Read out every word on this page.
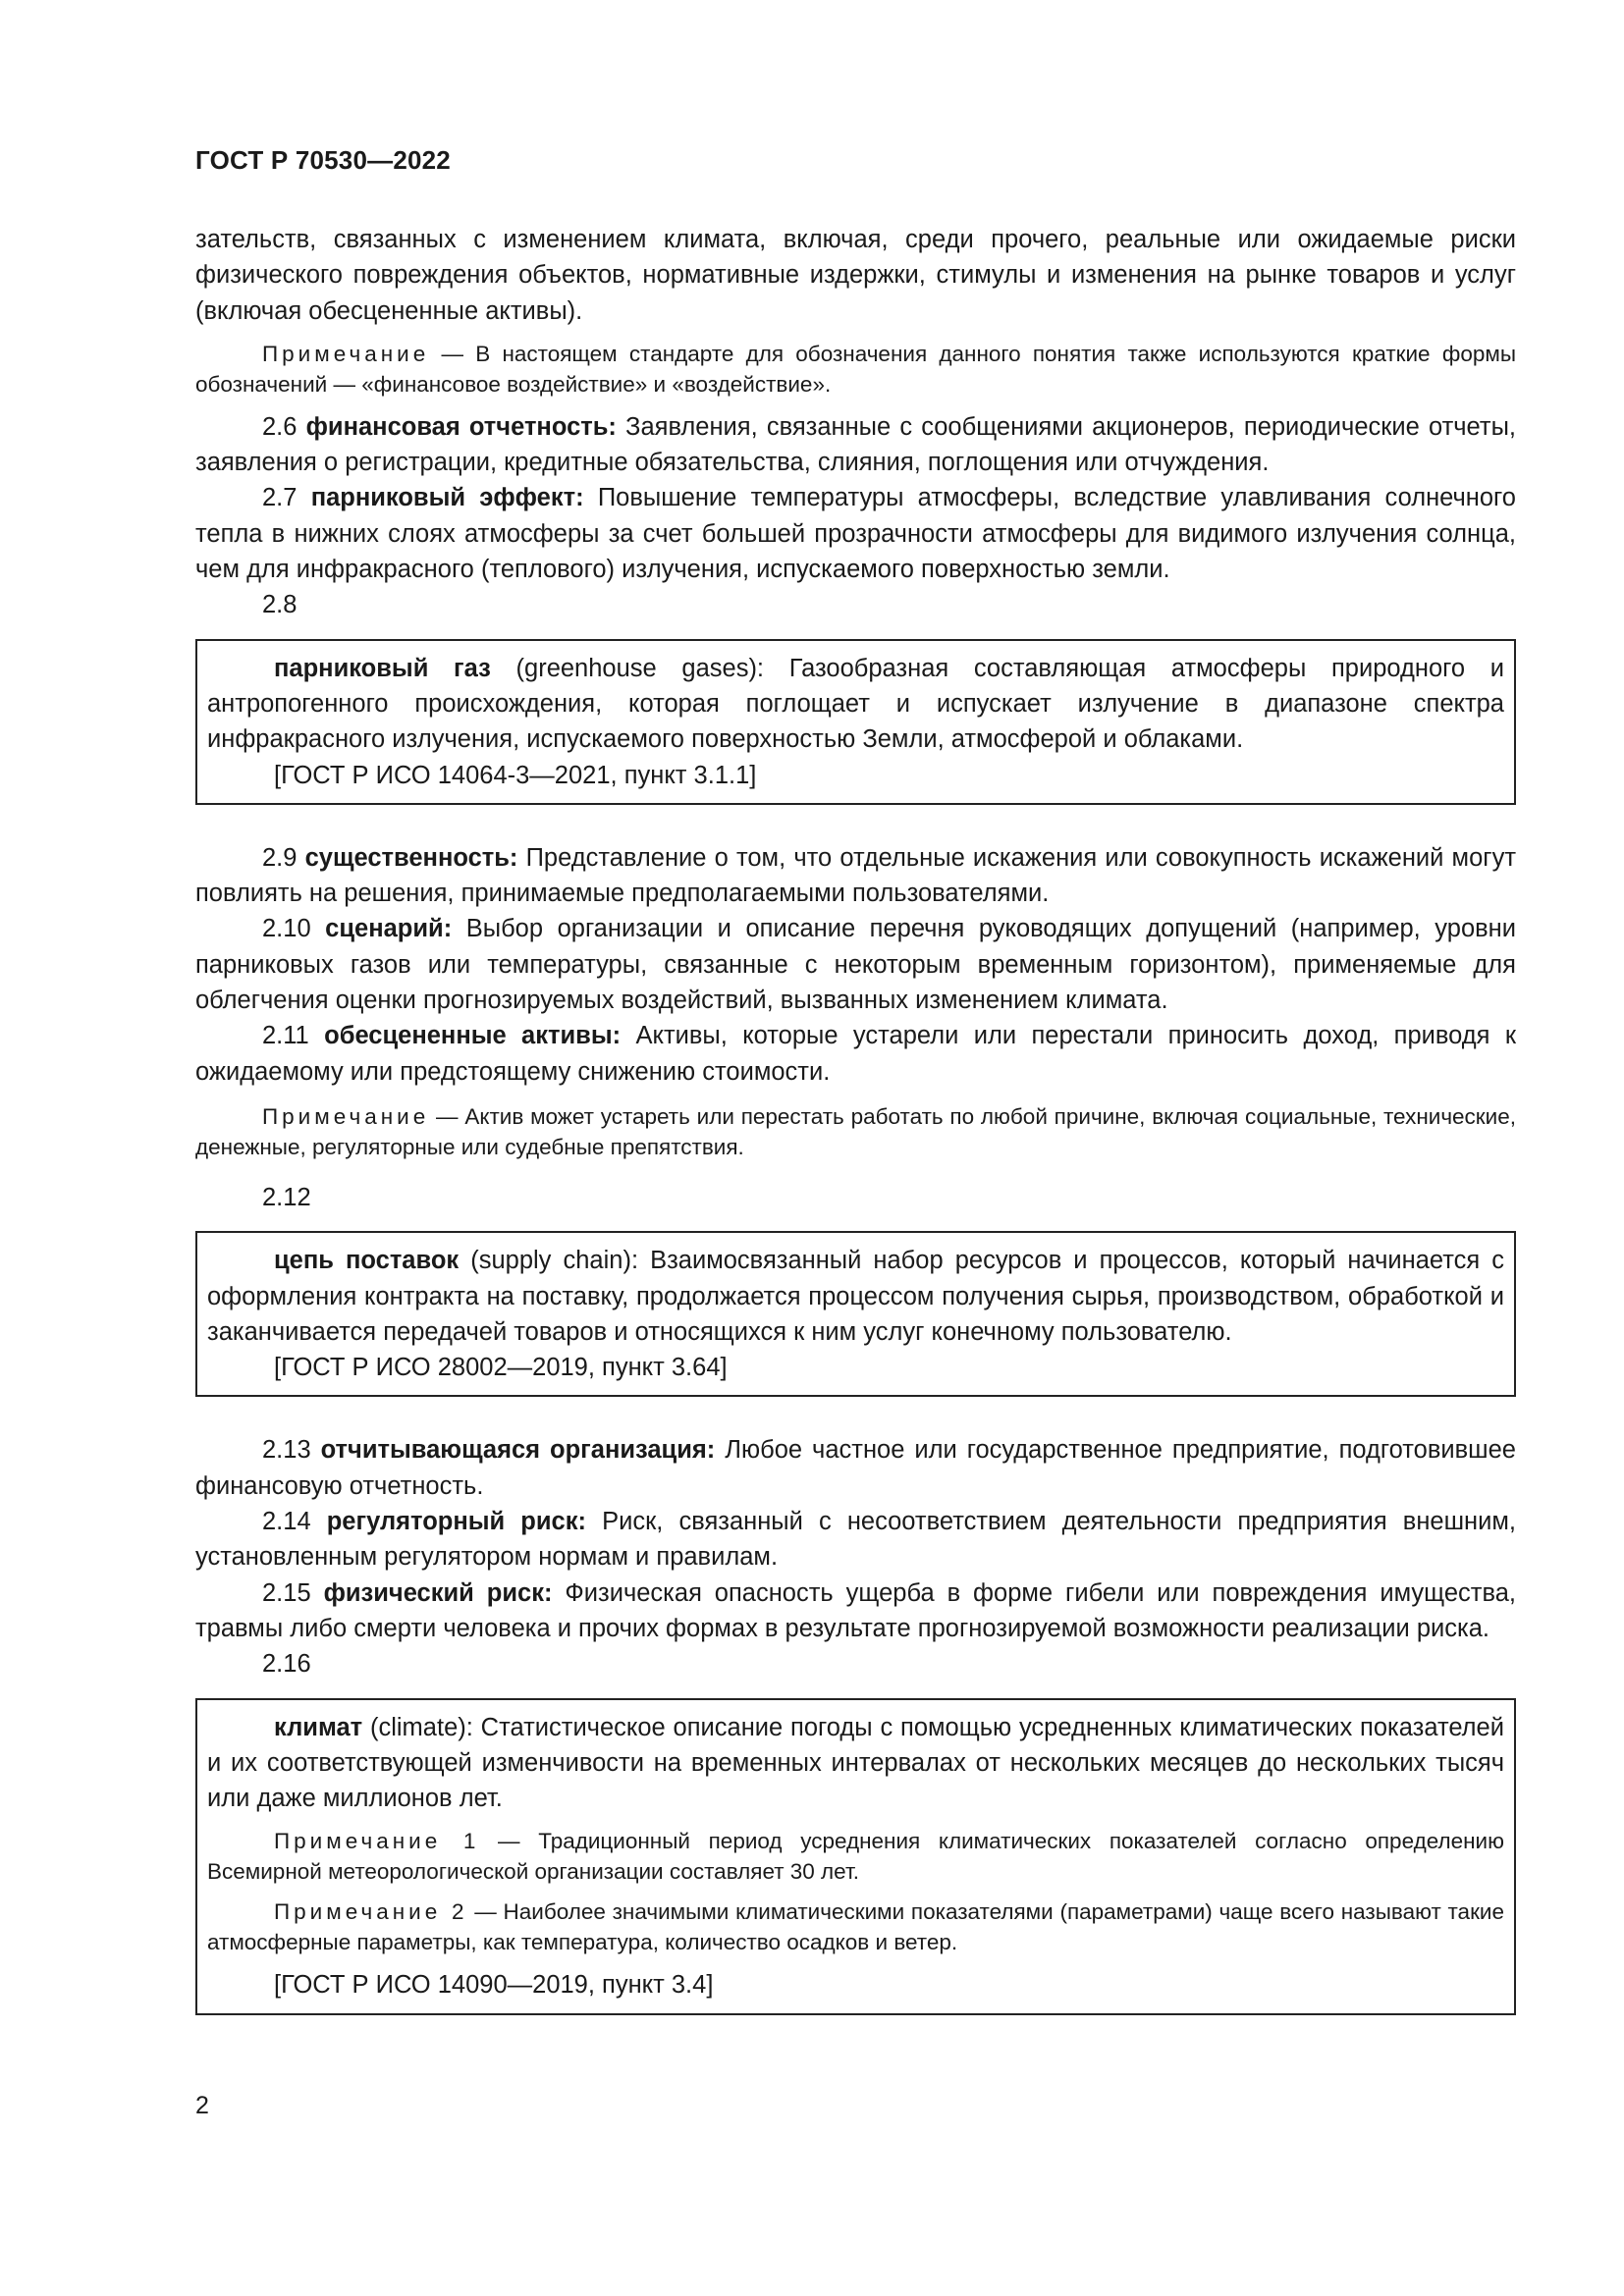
ГОСТ Р 70530—2022

зательств, связанных с изменением климата, включая, среди прочего, реальные или ожидаемые риски физического повреждения объектов, нормативные издержки, стимулы и изменения на рынке товаров и услуг (включая обесцененные активы).

Примечание — В настоящем стандарте для обозначения данного понятия также используются краткие формы обозначений — «финансовое воздействие» и «воздействие».

2.6 финансовая отчетность: Заявления, связанные с сообщениями акционеров, периодические отчеты, заявления о регистрации, кредитные обязательства, слияния, поглощения или отчуждения.

2.7 парниковый эффект: Повышение температуры атмосферы, вследствие улавливания солнечного тепла в нижних слоях атмосферы за счет большей прозрачности атмосферы для видимого излучения солнца, чем для инфракрасного (теплового) излучения, испускаемого поверхностью земли.

2.8

парниковый газ (greenhouse gases): Газообразная составляющая атмосферы природного и антропогенного происхождения, которая поглощает и испускает излучение в диапазоне спектра инфракрасного излучения, испускаемого поверхностью Земли, атмосферой и облаками.

[ГОСТ Р ИСО 14064-3—2021, пункт 3.1.1]

2.9 существенность: Представление о том, что отдельные искажения или совокупность искажений могут повлиять на решения, принимаемые предполагаемыми пользователями.

2.10 сценарий: Выбор организации и описание перечня руководящих допущений (например, уровни парниковых газов или температуры, связанные с некоторым временным горизонтом), применяемые для облегчения оценки прогнозируемых воздействий, вызванных изменением климата.

2.11 обесцененные активы: Активы, которые устарели или перестали приносить доход, приводя к ожидаемому или предстоящему снижению стоимости.

Примечание — Актив может устареть или перестать работать по любой причине, включая социальные, технические, денежные, регуляторные или судебные препятствия.

2.12

цепь поставок (supply chain): Взаимосвязанный набор ресурсов и процессов, который начинается с оформления контракта на поставку, продолжается процессом получения сырья, производством, обработкой и заканчивается передачей товаров и относящихся к ним услуг конечному пользователю.

[ГОСТ Р ИСО 28002—2019, пункт 3.64]

2.13 отчитывающаяся организация: Любое частное или государственное предприятие, подготовившее финансовую отчетность.

2.14 регуляторный риск: Риск, связанный с несоответствием деятельности предприятия внешним, установленным регулятором нормам и правилам.

2.15 физический риск: Физическая опасность ущерба в форме гибели или повреждения имущества, травмы либо смерти человека и прочих формах в результате прогнозируемой возможности реализации риска.

2.16

климат (climate): Статистическое описание погоды с помощью усредненных климатических показателей и их соответствующей изменчивости на временных интервалах от нескольких месяцев до нескольких тысяч или даже миллионов лет.

Примечание 1 — Традиционный период усреднения климатических показателей согласно определению Всемирной метеорологической организации составляет 30 лет.

Примечание 2 — Наиболее значимыми климатическими показателями (параметрами) чаще всего называют такие атмосферные параметры, как температура, количество осадков и ветер.

[ГОСТ Р ИСО 14090—2019, пункт 3.4]

2
